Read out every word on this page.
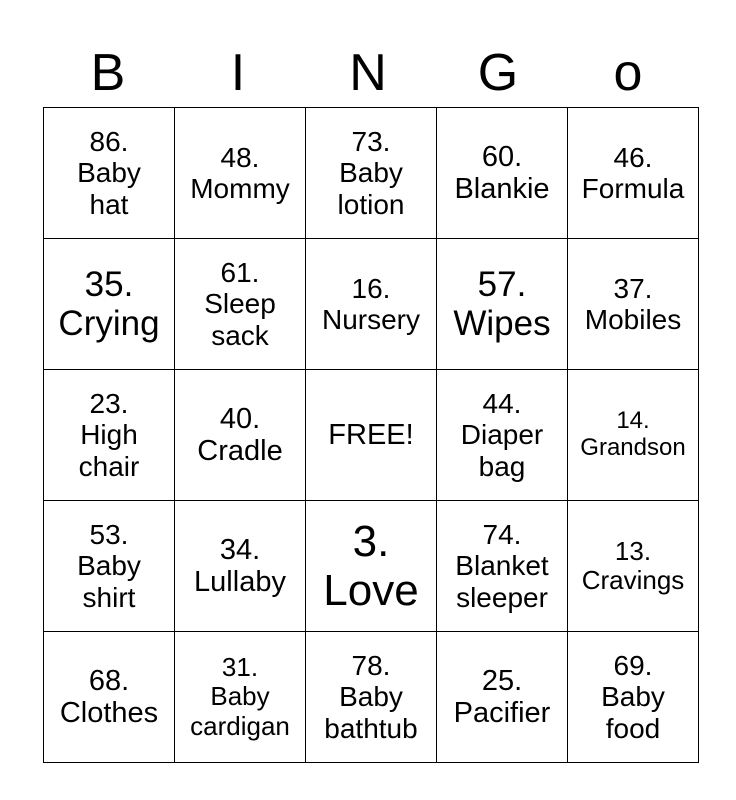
B	I	N	G	o
86.
Baby
hat	48.
Mommy	73.
Baby
lotion	60.
Blankie	46.
Formula

35.
Crying	61.
Sleep
sack	16.
Nursery	57.
Wipes	37.
Mobiles

23.
High
chair	40.
Cradle	FREE!	44.
Diaper
bag	14.
Grandson

53.
Baby
shirt	34.
Lullaby	3.
Love	74.
Blanket
sleeper	13.
Cravings

68.
Clothes	31.
Baby
cardigan	78.
Baby
bathtub	25.
Pacifier	69.
Baby
food
